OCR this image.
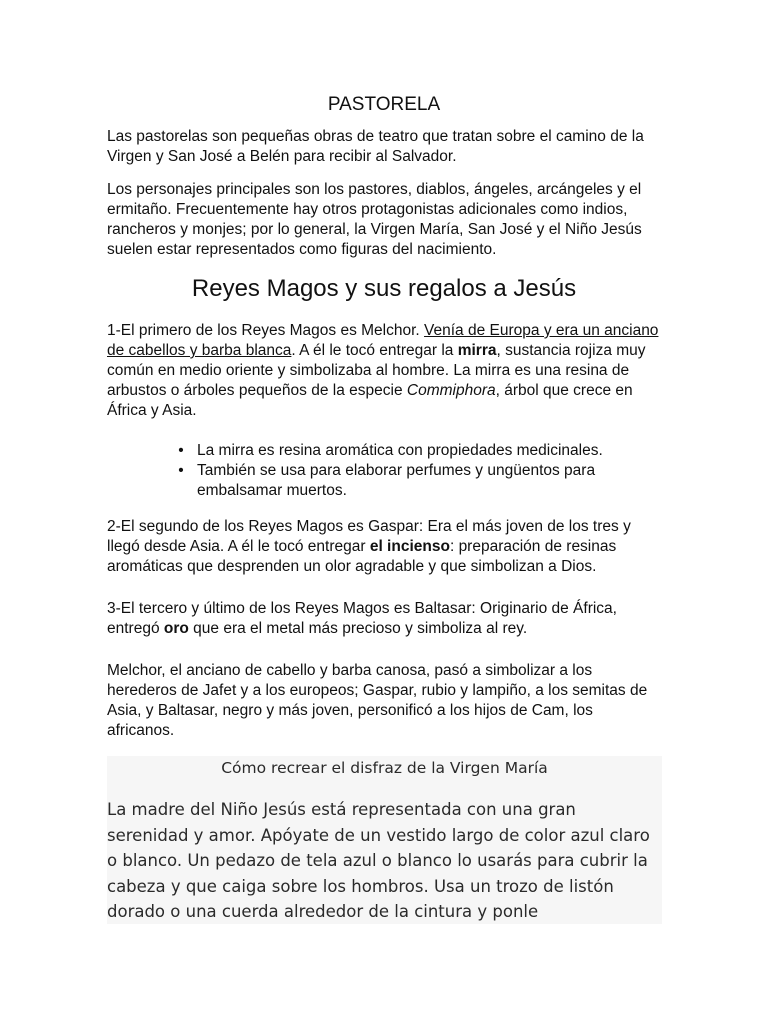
PASTORELA

Las pastorelas son pequeñas obras de teatro que tratan sobre el camino de la Virgen y San José a Belén para recibir al Salvador.

Los personajes principales son los pastores, diablos, ángeles, arcángeles y el ermitaño. Frecuentemente hay otros protagonistas adicionales como indios, rancheros y monjes; por lo general, la Virgen María, San José y el Niño Jesús suelen estar representados como figuras del nacimiento.

Reyes Magos y sus regalos a Jesús

1-El primero de los Reyes Magos es Melchor. Venía de Europa y era un anciano de cabellos y barba blanca. A él le tocó entregar la mirra, sustancia rojiza muy común en medio oriente y simbolizaba al hombre. La mirra es una resina de arbustos o árboles pequeños de la especie Commiphora, árbol que crece en África y Asia.

• La mirra es resina aromática con propiedades medicinales.
• También se usa para elaborar perfumes y ungüentos para embalsamar muertos.

2-El segundo de los Reyes Magos es Gaspar: Era el más joven de los tres y llegó desde Asia. A él le tocó entregar el incienso: preparación de resinas aromáticas que desprenden un olor agradable y que simbolizan a Dios.

3-El tercero y último de los Reyes Magos es Baltasar: Originario de África, entregó oro que era el metal más precioso y simboliza al rey.

Melchor, el anciano de cabello y barba canosa, pasó a simbolizar a los herederos de Jafet y a los europeos; Gaspar, rubio y lampiño, a los semitas de Asia, y Baltasar, negro y más joven, personificó a los hijos de Cam, los africanos.

Cómo recrear el disfraz de la Virgen María
La madre del Niño Jesús está representada con una gran serenidad y amor. Apóyate de un vestido largo de color azul claro o blanco. Un pedazo de tela azul o blanco lo usarás para cubrir la cabeza y que caiga sobre los hombros. Usa un trozo de listón dorado o una cuerda alrededor de la cintura y ponle
